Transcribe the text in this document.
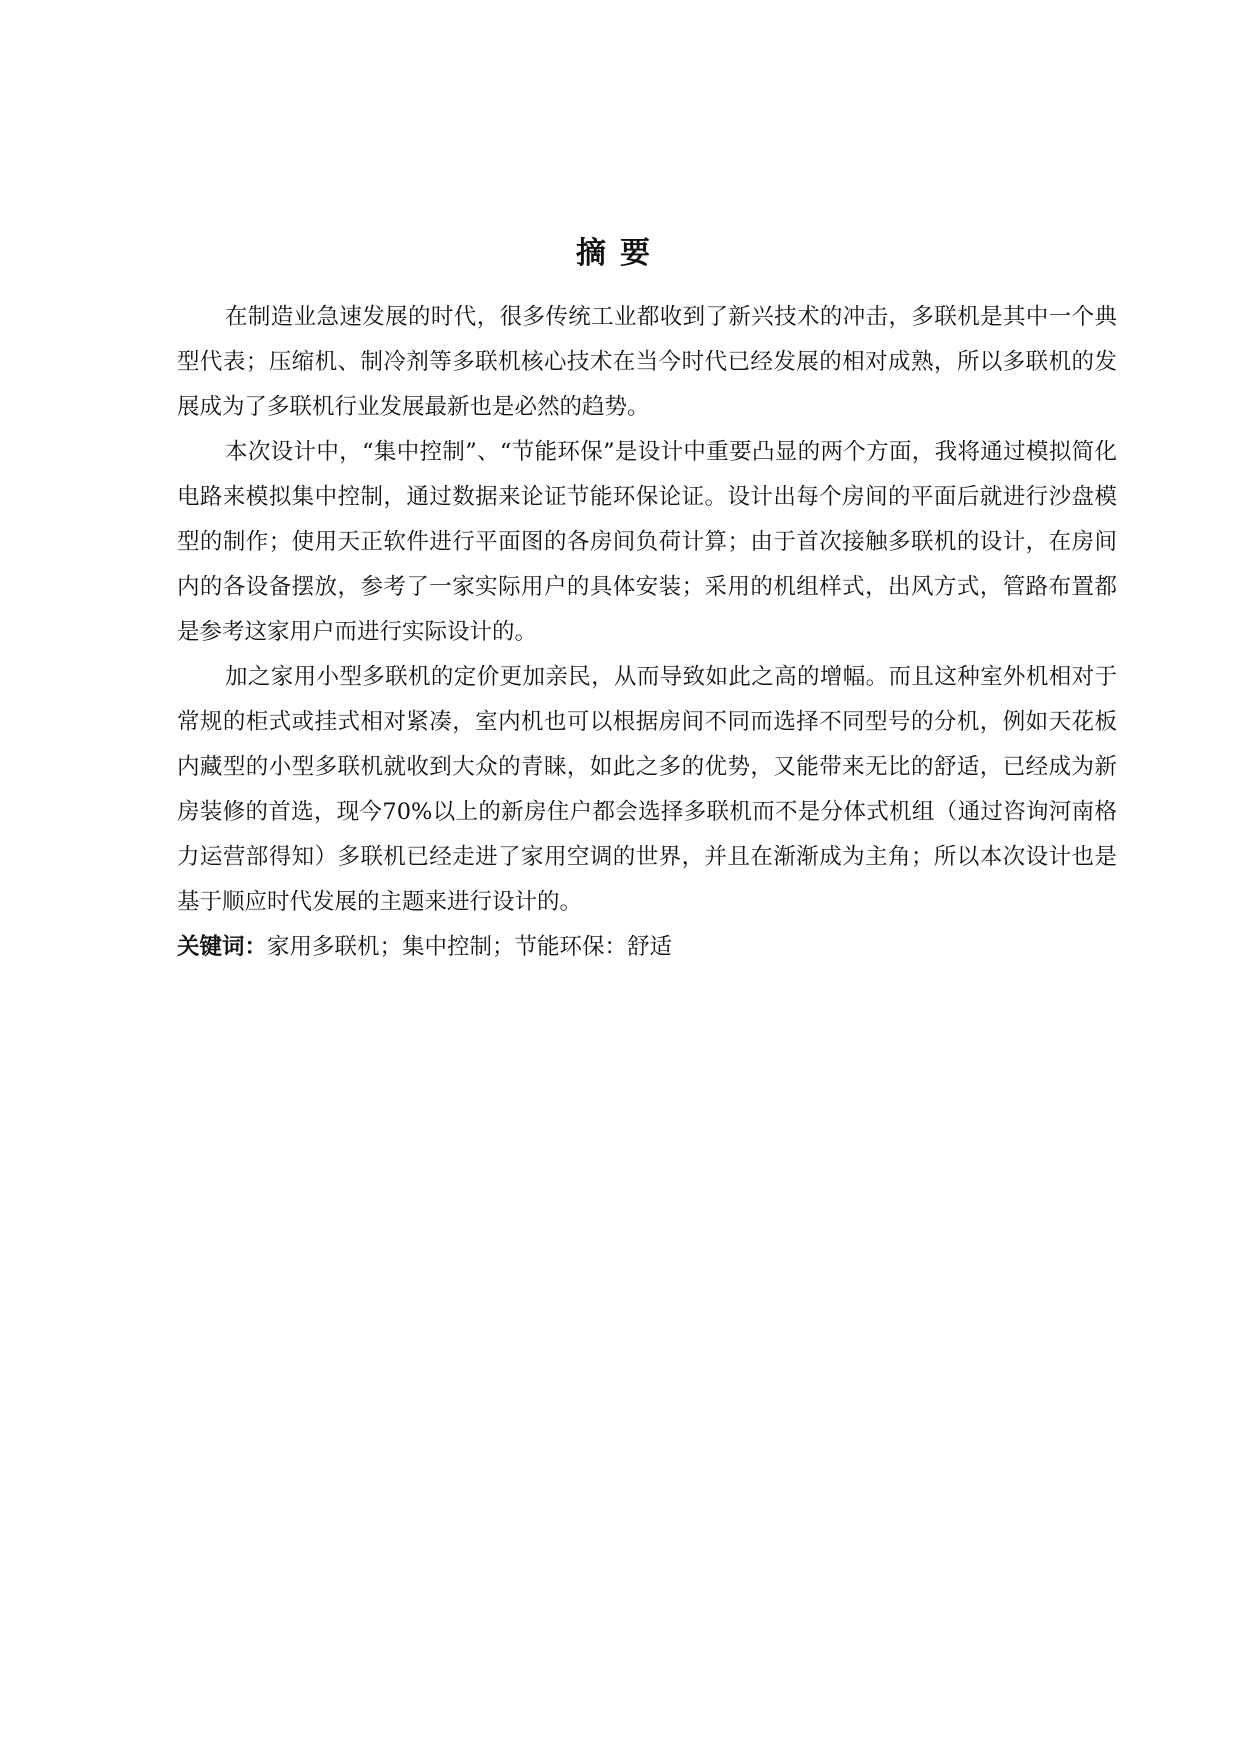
摘要

在制造业急速发展的时代，很多传统工业都收到了新兴技术的冲击，多联机是其中一个典型代表；压缩机、制冷剂等多联机核心技术在当今时代已经发展的相对成熟，所以多联机的发展成为了多联机行业发展最新也是必然的趋势。

本次设计中，“集中控制”、“节能环保”是设计中重要凸显的两个方面，我将通过模拟简化电路来模拟集中控制，通过数据来论证节能环保论证。设计出每个房间的平面后就进行沙盘模型的制作；使用天正软件进行平面图的各房间负荷计算；由于首次接触多联机的设计，在房间内的各设备摆放，参考了一家实际用户的具体安装；采用的机组样式，出风方式，管路布置都是参考这家用户而进行实际设计的。

加之家用小型多联机的定价更加亲民，从而导致如此之高的增幅。而且这种室外机相对于常规的柜式或挂式相对紧凑，室内机也可以根据房间不同而选择不同型号的分机，例如天花板内藏型的小型多联机就收到大众的青睐，如此之多的优势，又能带来无比的舒适，已经成为新房装修的首选，现今70%以上的新房住户都会选择多联机而不是分体式机组（通过咨询河南格力运营部得知）多联机已经走进了家用空调的世界，并且在渐渐成为主角；所以本次设计也是基于顺应时代发展的主题来进行设计的。

关键词：家用多联机；集中控制；节能环保：舒适
